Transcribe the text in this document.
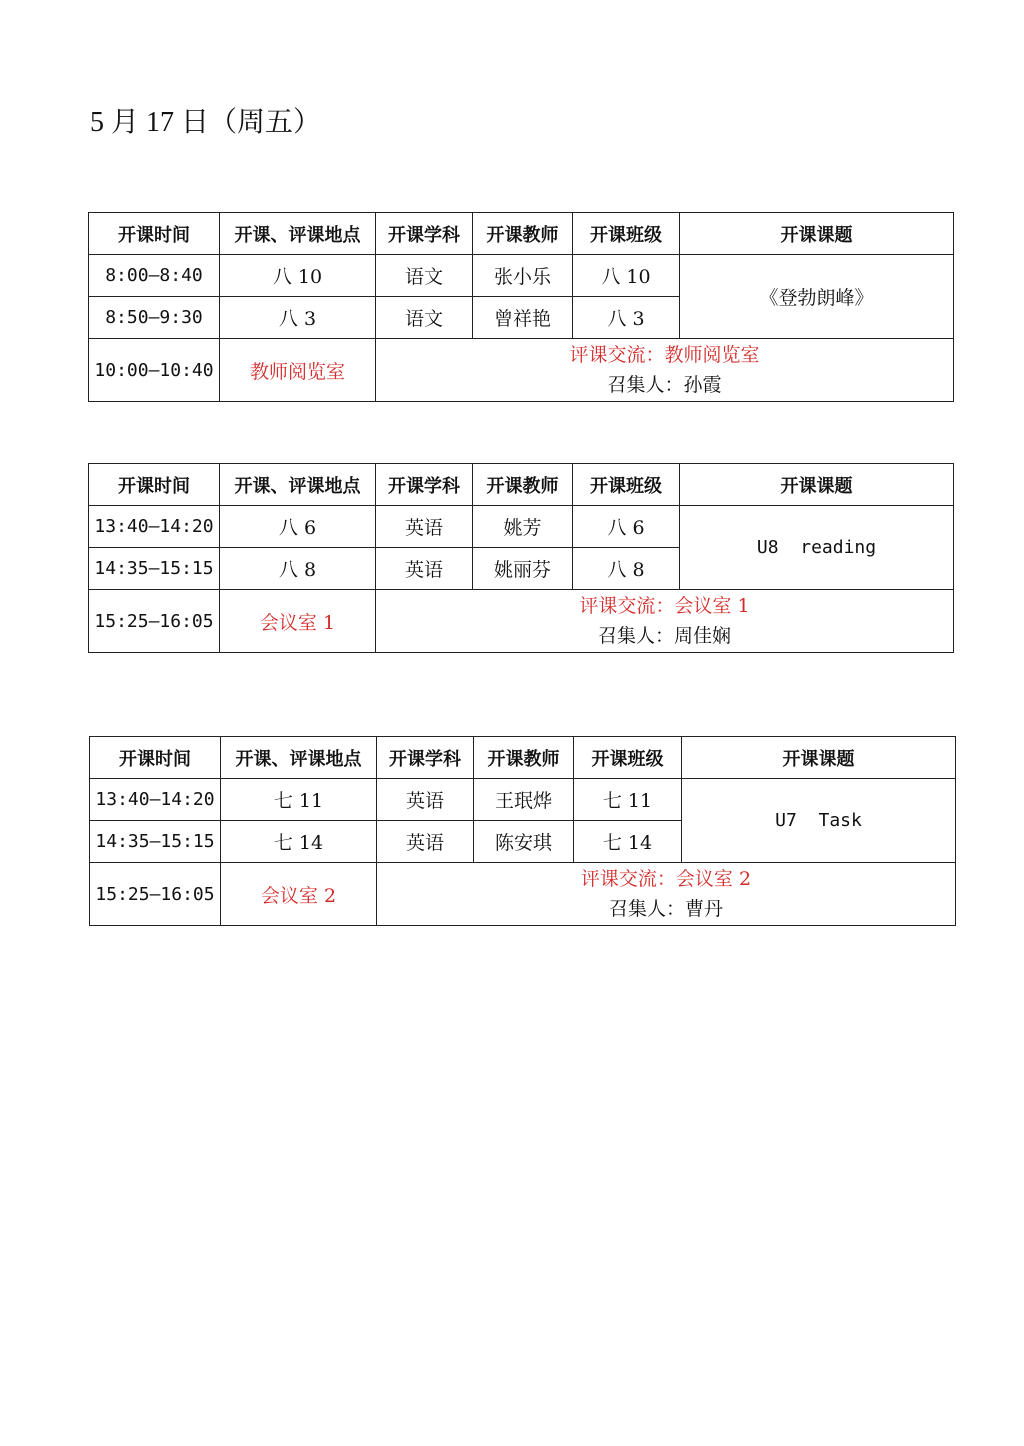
5 月 17 日（周五）
开课时间	开课、评课地点	开课学科	开课教师	开课班级	开课课题
8:00—8:40	八 10	语文	张小乐	八 10	《登勃朗峰》
8:50—9:30	八 3	语文	曾祥艳	八 3	
10:00—10:40	教师阅览室	评课交流：教师阅览室
召集人：孙霞			
开课时间	开课、评课地点	开课学科	开课教师	开课班级	开课课题
13:40—14:20	八 6	英语	姚芳	八 6	U8  reading
14:35—15:15	八 8	英语	姚丽芬	八 8	
15:25—16:05	会议室 1	评课交流：会议室 1
召集人：周佳娴			
开课时间	开课、评课地点	开课学科	开课教师	开课班级	开课课题
13:40—14:20	七 11	英语	王珉烨	七 11	U7  Task
14:35—15:15	七 14	英语	陈安琪	七 14	
15:25—16:05	会议室 2	评课交流：会议室 2
召集人：曹丹			
